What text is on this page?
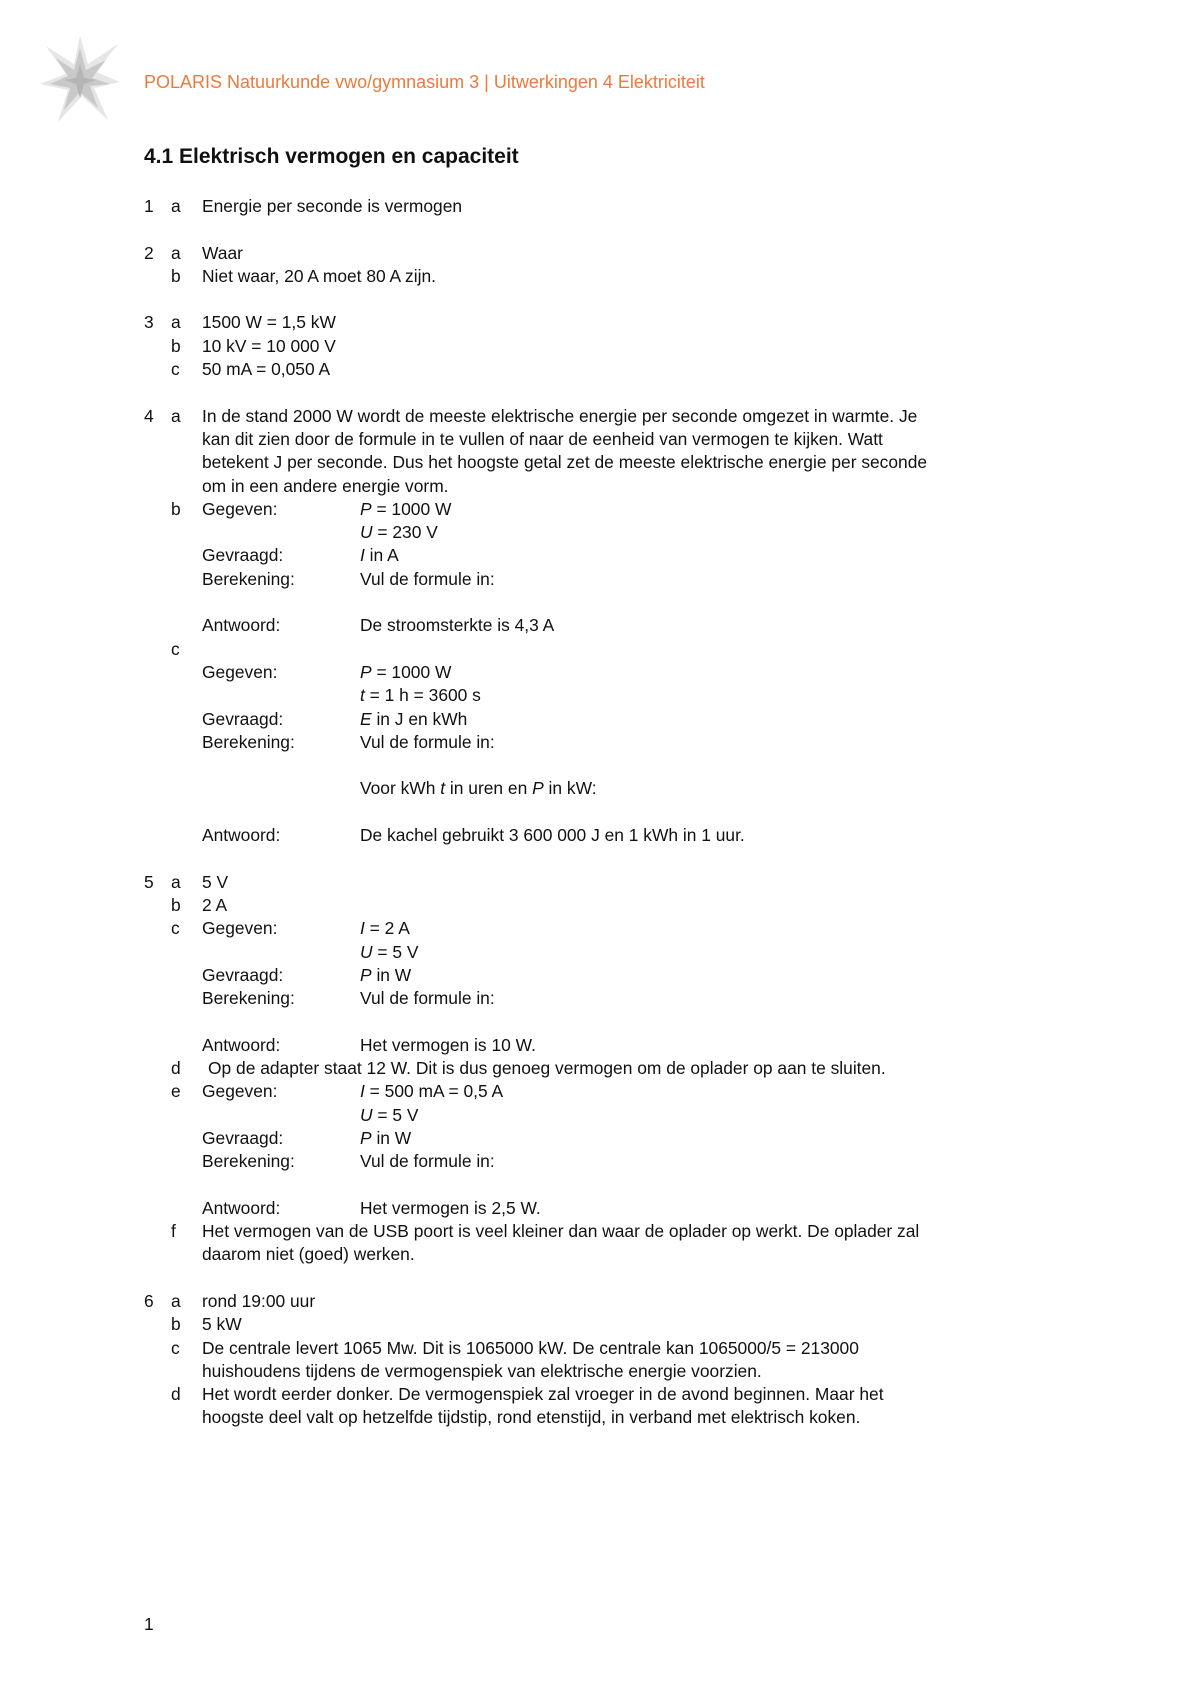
POLARIS Natuurkunde vwo/gymnasium 3 | Uitwerkingen 4 Elektriciteit
4.1 Elektrisch vermogen en capaciteit
1 a	Energie per seconde is vermogen
2 a	Waar
b	Niet waar, 20 A moet 80 A zijn.
3 a	1500 W = 1,5 kW
b	10 kV = 10 000 V
c	50 mA = 0,050 A
4 a	In de stand 2000 W wordt de meeste elektrische energie per seconde omgezet in warmte. Je
kan dit zien door de formule in te vullen of naar de eenheid van vermogen te kijken. Watt
betekent J per seconde. Dus het hoogste getal zet de meeste elektrische energie per seconde
om in een andere energie vorm.
b	Gegeven:	P = 1000 W
U = 230 V
Gevraagd:	I in A
Berekening:	Vul de formule in:
Antwoord:	De stroomsterkte is 4,3 A
c
Gegeven:	P = 1000 W
t = 1 h = 3600 s
Gevraagd:	E in J en kWh
Berekening:	Vul de formule in:
Voor kWh t in uren en P in kW:
Antwoord:	De kachel gebruikt 3 600 000 J en 1 kWh in 1 uur.
5 a	5 V
b	2 A
c	Gegeven:	I = 2 A
U = 5 V
Gevraagd:	P in W
Berekening:	Vul de formule in:
Antwoord:	Het vermogen is 10 W.
d	Op de adapter staat 12 W. Dit is dus genoeg vermogen om de oplader op aan te sluiten.
e	Gegeven:	I = 500 mA = 0,5 A
U = 5 V
Gevraagd:	P in W
Berekening:	Vul de formule in:
Antwoord:	Het vermogen is 2,5 W.
f	Het vermogen van de USB poort is veel kleiner dan waar de oplader op werkt. De oplader zal
daarom niet (goed) werken.
6 a	rond 19:00 uur
b	5 kW
c	De centrale levert 1065 Mw. Dit is 1065000 kW. De centrale kan 1065000/5 = 213000
huishoudens tijdens de vermogenspiek van elektrische energie voorzien.
d	Het wordt eerder donker. De vermogenspiek zal vroeger in de avond beginnen. Maar het
hoogste deel valt op hetzelfde tijdstip, rond etenstijd, in verband met elektrisch koken.
1
